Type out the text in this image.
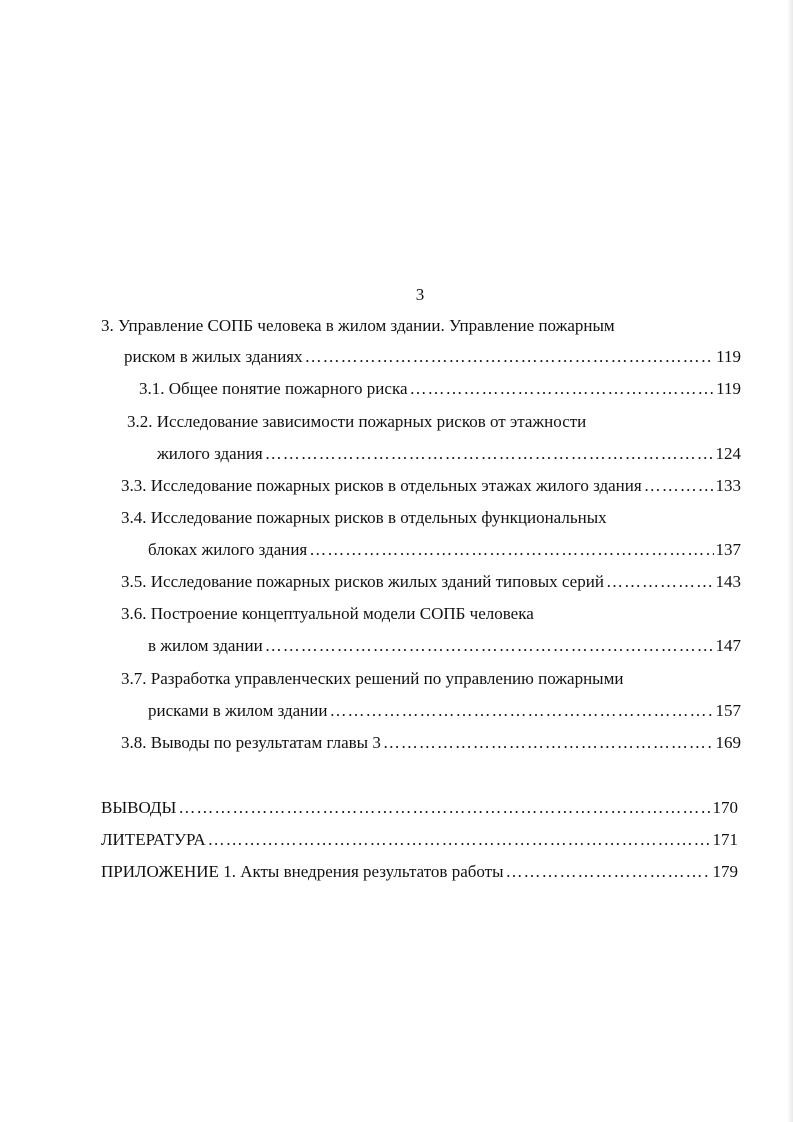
3
3. Управление СОПБ человека в жилом здании. Управление пожарным
риском в жилых зданиях ……………………………………………………………………………………………………………………………………………………………………	119
3.1. Общее понятие пожарного риска ……………………………………………………………………………………………………………………………………………………………………	119
3.2. Исследование зависимости пожарных рисков от этажности
жилого здания ……………………………………………………………………………………………………………………………………………………………………	124
3.3. Исследование пожарных рисков в отдельных этажах жилого здания ……………………………………………………………………………………………………………………………………………………………………	133
3.4. Исследование пожарных рисков в отдельных функциональных
блоках жилого здания ……………………………………………………………………………………………………………………………………………………………………	137
3.5. Исследование пожарных рисков жилых зданий типовых серий ……………………………………………………………………………………………………………………………………………………………………	143
3.6. Построение концептуальной модели СОПБ человека
в жилом здании ……………………………………………………………………………………………………………………………………………………………………	147
3.7. Разработка управленческих решений по управлению пожарными
рисками в жилом здании ……………………………………………………………………………………………………………………………………………………………………	157
3.8. Выводы по результатам главы 3 ……………………………………………………………………………………………………………………………………………………………………	169
ВЫВОДЫ ……………………………………………………………………………………………………………………………………………………………………	170
ЛИТЕРАТУРА ……………………………………………………………………………………………………………………………………………………………………	171
ПРИЛОЖЕНИЕ 1. Акты внедрения результатов работы ……………………………………………………………………………………………………………………………………………………………………	179
